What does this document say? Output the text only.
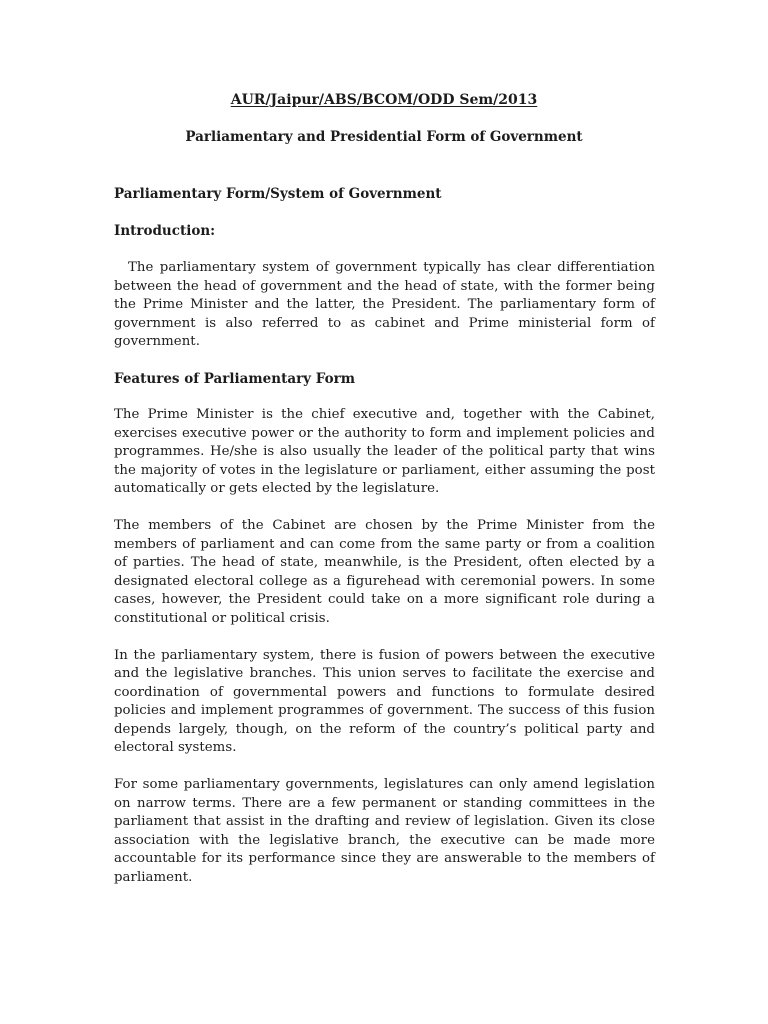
AUR/Jaipur/ABS/BCOM/ODD Sem/2013
Parliamentary and Presidential Form of Government

Parliamentary Form/System of Government

Introduction:

The parliamentary system of government typically has clear differentiation between the head of government and the head of state, with the former being the Prime Minister and the latter, the President. The parliamentary form of government is also referred to as cabinet and Prime ministerial form of government.

Features of Parliamentary Form

The Prime Minister is the chief executive and, together with the Cabinet, exercises executive power or the authority to form and implement policies and programmes. He/she is also usually the leader of the political party that wins the majority of votes in the legislature or parliament, either assuming the post automatically or gets elected by the legislature.

The members of the Cabinet are chosen by the Prime Minister from the members of parliament and can come from the same party or from a coalition of parties. The head of state, meanwhile, is the President, often elected by a designated electoral college as a figurehead with ceremonial powers. In some cases, however, the President could take on a more significant role during a constitutional or political crisis.

In the parliamentary system, there is fusion of powers between the executive and the legislative branches. This union serves to facilitate the exercise and coordination of governmental powers and functions to formulate desired policies and implement programmes of government. The success of this fusion depends largely, though, on the reform of the country’s political party and electoral systems.

For some parliamentary governments, legislatures can only amend legislation on narrow terms. There are a few permanent or standing committees in the parliament that assist in the drafting and review of legislation. Given its close association with the legislative branch, the executive can be made more accountable for its performance since they are answerable to the members of parliament.
